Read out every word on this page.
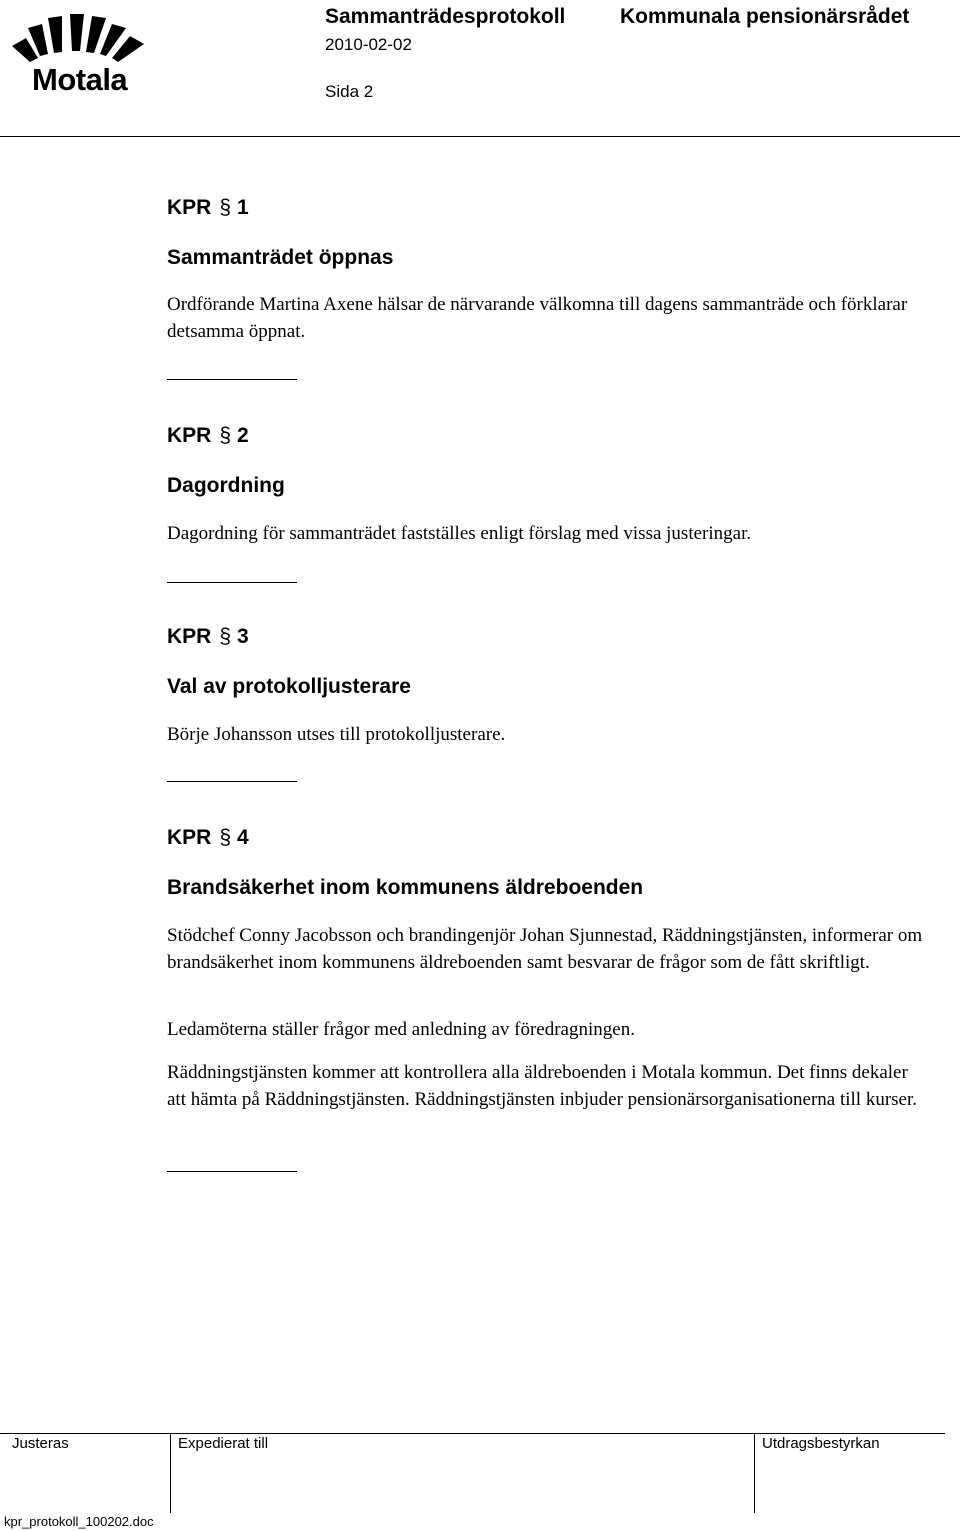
Motala
Sammanträdesprotokoll	Kommunala pensionärsrådet
2010-02-02
Sida 2
KPR § 1
Sammanträdet öppnas
Ordförande Martina Axene hälsar de närvarande välkomna till dagens sammanträde och förklarar detsamma öppnat.
KPR § 2
Dagordning
Dagordning för sammanträdet fastställes enligt förslag med vissa justeringar.
KPR § 3
Val av protokolljusterare
Börje Johansson utses till protokolljusterare.
KPR § 4
Brandsäkerhet inom kommunens äldreboenden
Stödchef Conny Jacobsson och brandingenjör Johan Sjunnestad, Räddningstjänsten, informerar om brandsäkerhet inom kommunens äldreboenden samt besvarar de frågor som de fått skriftligt.
Ledamöterna ställer frågor med anledning av föredragningen.
Räddningstjänsten kommer att kontrollera alla äldreboenden i Motala kommun. Det finns dekaler att hämta på Räddningstjänsten. Räddningstjänsten inbjuder pensionärsorganisationerna till kurser.
Justeras	Expedierat till	Utdragsbestyrkan
kpr_protokoll_100202.doc
